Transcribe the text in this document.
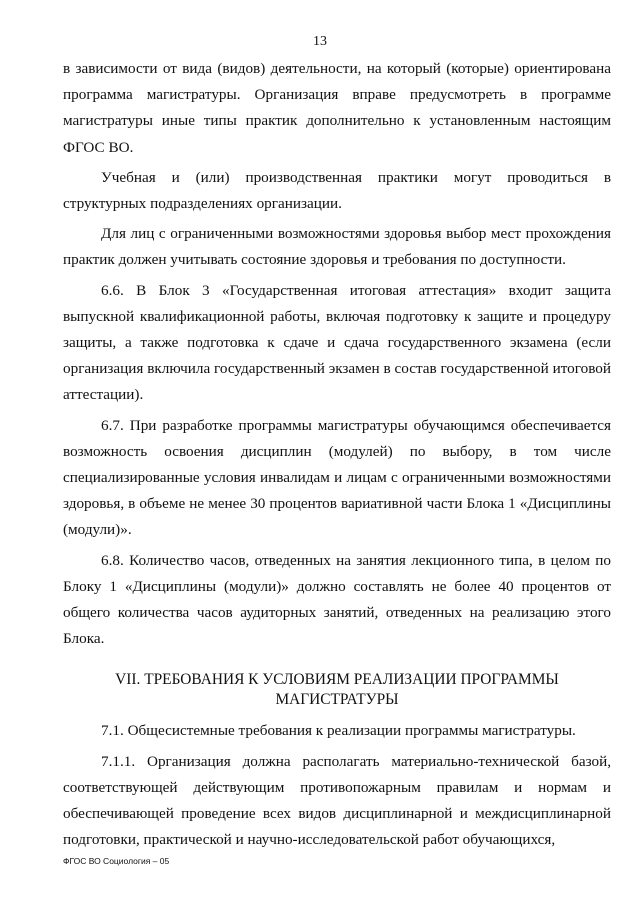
13

в зависимости от вида (видов) деятельности, на который (которые) ориентирована программа магистратуры. Организация вправе предусмотреть в программе магистратуры иные типы практик дополнительно к установленным настоящим ФГОС ВО.

Учебная и (или) производственная практики могут проводиться в структурных подразделениях организации.

Для лиц с ограниченными возможностями здоровья выбор мест прохождения практик должен учитывать состояние здоровья и требования по доступности.

6.6. В Блок 3 «Государственная итоговая аттестация» входит защита выпускной квалификационной работы, включая подготовку к защите и процедуру защиты, а также подготовка к сдаче и сдача государственного экзамена (если организация включила государственный экзамен в состав государственной итоговой аттестации).

6.7. При разработке программы магистратуры обучающимся обеспечивается возможность освоения дисциплин (модулей) по выбору, в том числе специализированные условия инвалидам и лицам с ограниченными возможностями здоровья, в объеме не менее 30 процентов вариативной части Блока 1 «Дисциплины (модули)».

6.8. Количество часов, отведенных на занятия лекционного типа, в целом по Блоку 1 «Дисциплины (модули)» должно составлять не более 40 процентов от общего количества часов аудиторных занятий, отведенных на реализацию этого Блока.

VII. ТРЕБОВАНИЯ К УСЛОВИЯМ РЕАЛИЗАЦИИ ПРОГРАММЫ
МАГИСТРАТУРЫ

7.1. Общесистемные требования к реализации программы магистратуры.

7.1.1. Организация должна располагать материально-технической базой, соответствующей действующим противопожарным правилам и нормам и обеспечивающей проведение всех видов дисциплинарной и междисциплинарной подготовки, практической и научно-исследовательской работ обучающихся,

ФГОС ВО Социология – 05
